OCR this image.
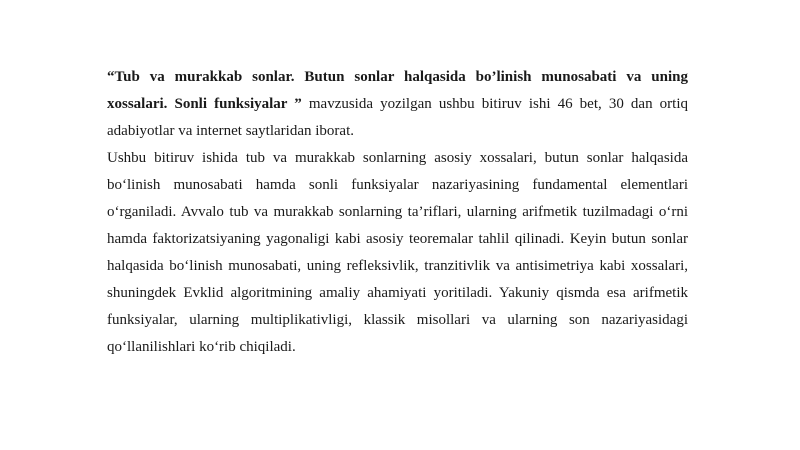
“Tub va murakkab sonlar. Butun sonlar halqasida bo’linish munosabati va uning xossalari. Sonli funksiyalar ” mavzusida yozilgan ushbu bitiruv ishi 46 bet, 30 dan ortiq adabiyotlar va internet saytlaridan iborat.

Ushbu bitiruv ishida tub va murakkab sonlarning asosiy xossalari, butun sonlar halqasida bo‘linish munosabati hamda sonli funksiyalar nazariyasining fundamental elementlari o‘rganiladi. Avvalo tub va murakkab sonlarning ta’riflari, ularning arifmetik tuzilmadagi o‘rni hamda faktorizatsiyaning yagonaligi kabi asosiy teoremalar tahlil qilinadi. Keyin butun sonlar halqasida bo‘linish munosabati, uning refleksivlik, tranzitivlik va antisimetriya kabi xossalari, shuningdek Evklid algoritmining amaliy ahamiyati yoritiladi. Yakuniy qismda esa arifmetik funksiyalar, ularning multiplikativligi, klassik misollari va ularning son nazariyasidagi qo‘llanilishlari ko‘rib chiqiladi.
